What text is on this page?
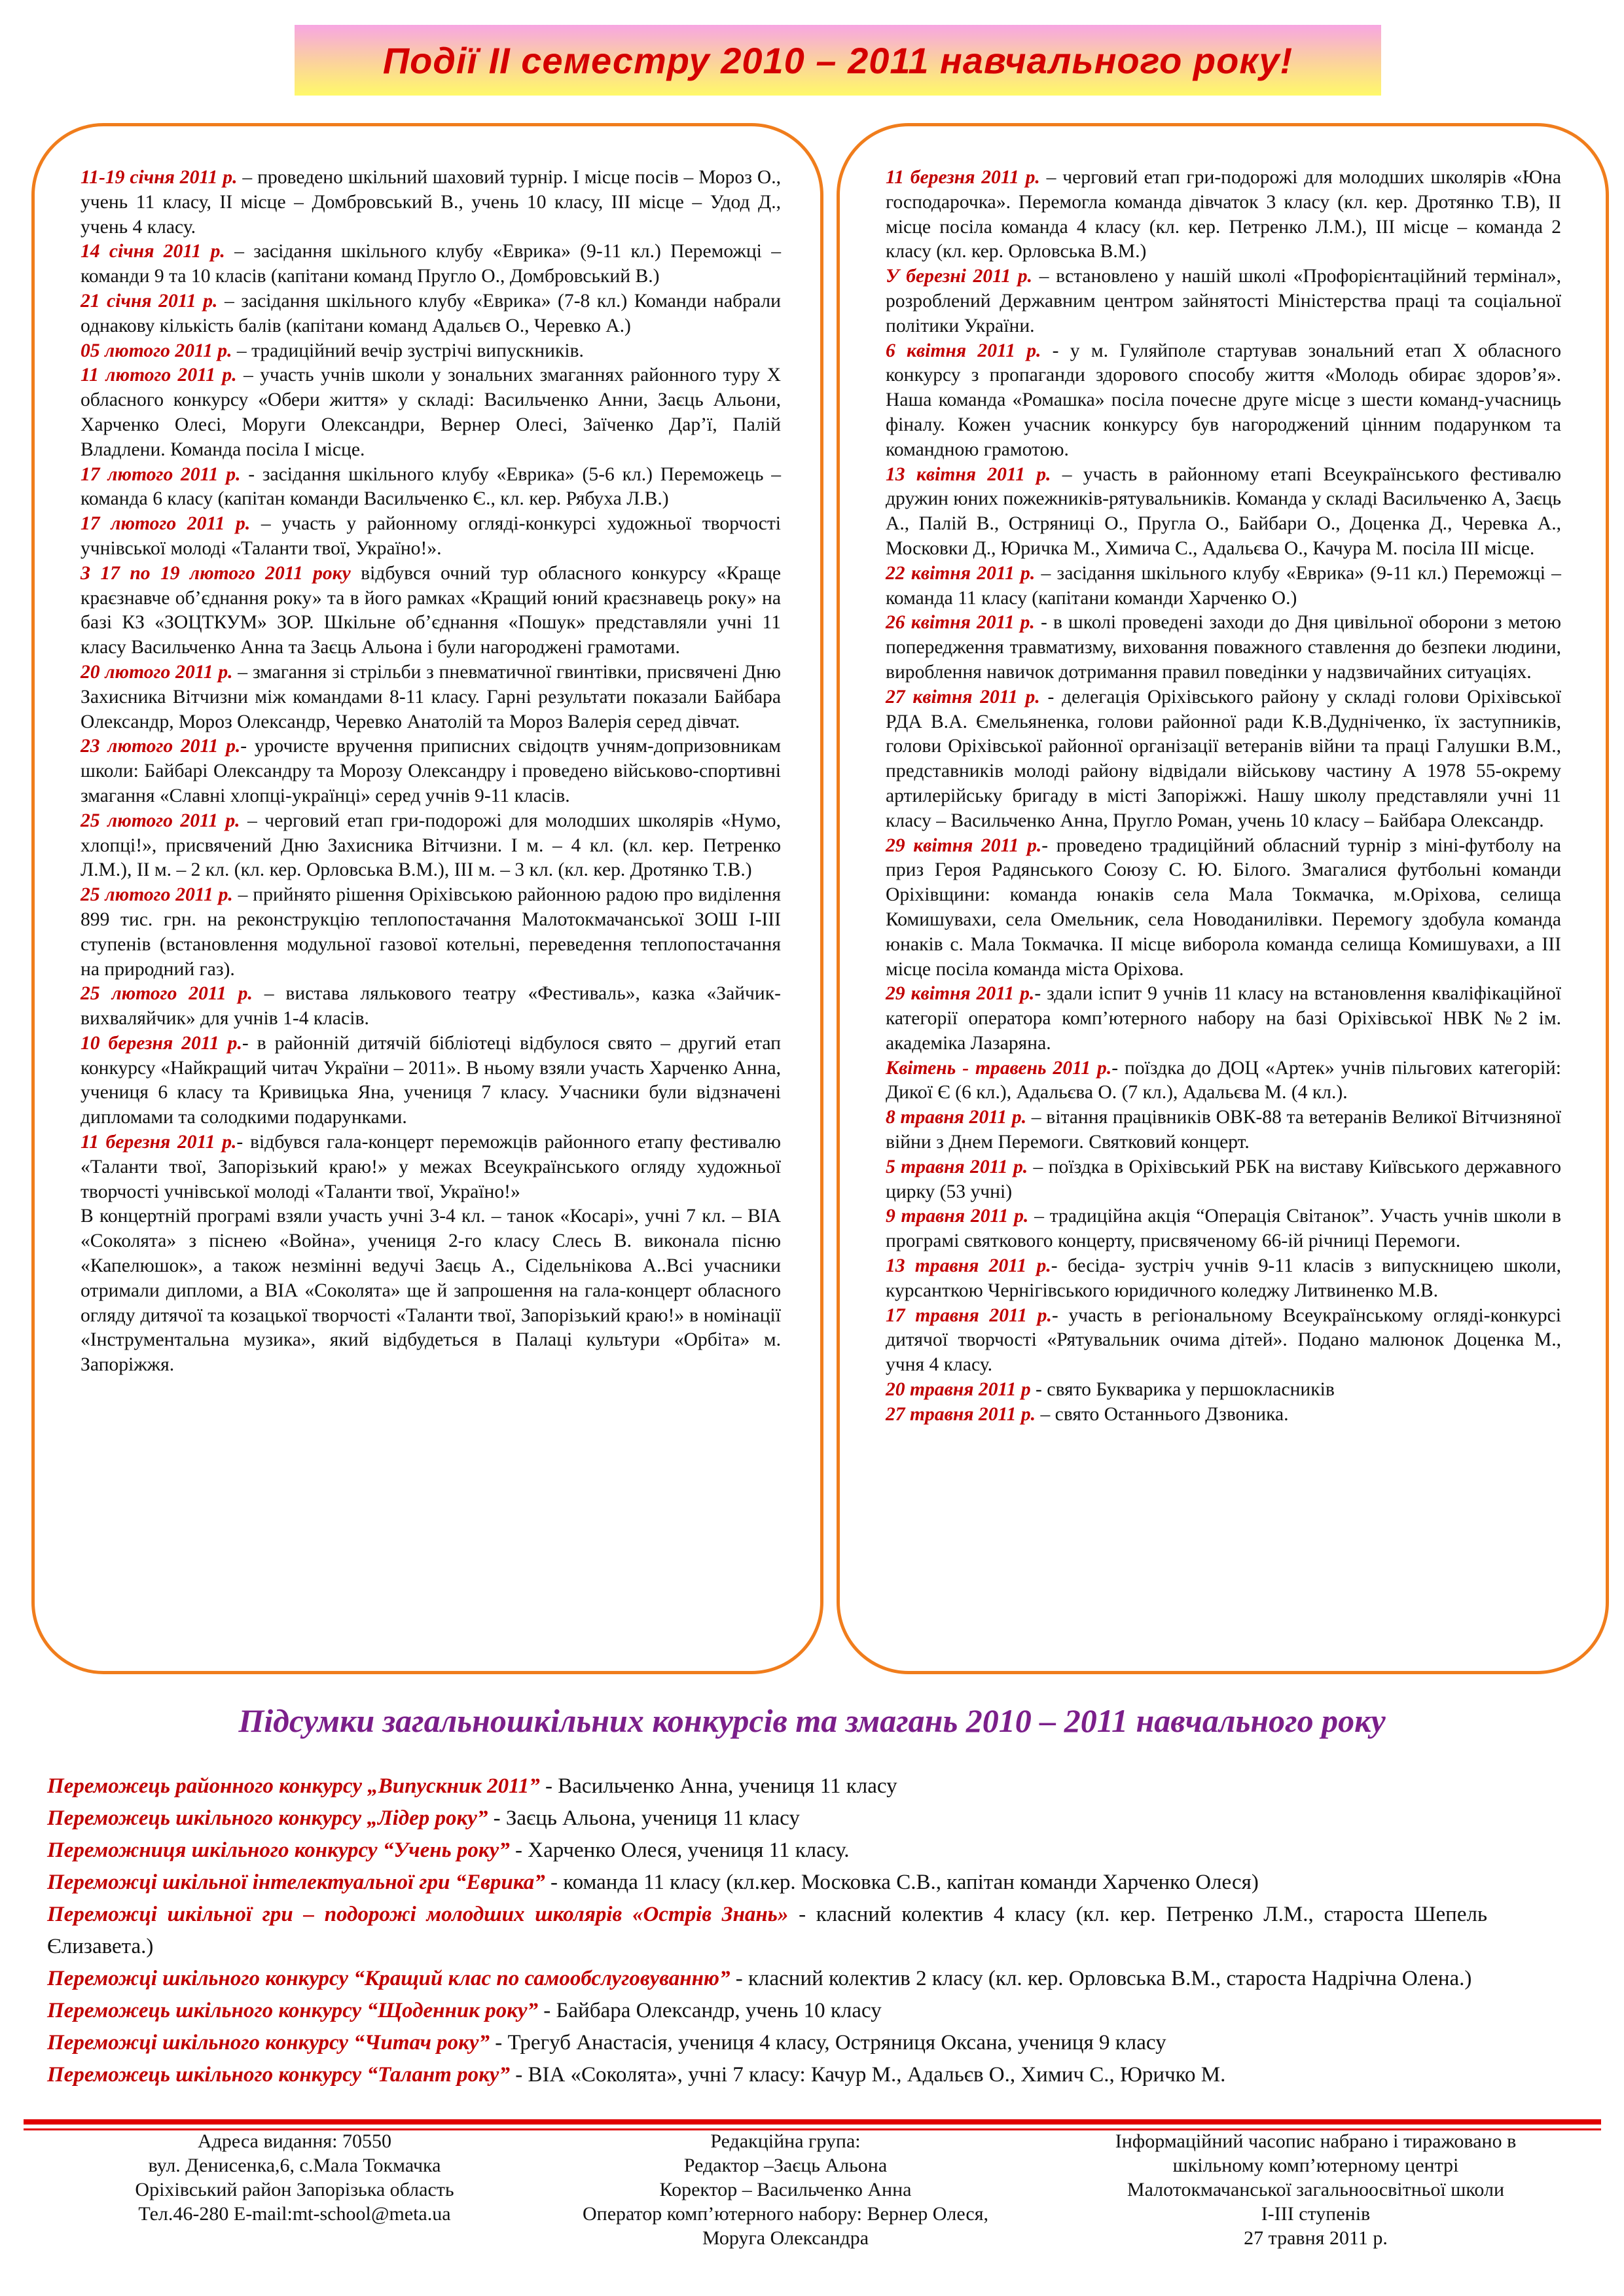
Події ІІ семестру 2010 – 2011 навчального року!

11-19 січня 2011 р. – проведено шкільний шаховий турнір. І місце посів – Мороз О., учень 11 класу, ІІ місце – Домбровський В., учень 10 класу, ІІІ місце – Удод Д., учень 4 класу.

14 січня 2011 р. – засідання шкільного клубу «Еврика» (9-11 кл.) Переможці – команди 9 та 10 класів (капітани команд Пругло О., Домбровський В.)

21 січня 2011 р. – засідання шкільного клубу «Еврика» (7-8 кл.) Команди набрали однакову кількість балів (капітани команд Адальєв О., Черевко А.)

05 лютого 2011 р. – традиційний вечір зустрічі випускників.

11 лютого 2011 р. – участь учнів школи у зональних змаганнях районного туру Х обласного конкурсу «Обери життя» у складі: Васильченко Анни, Заєць Альони, Харченко Олесі, Моруги Олександри, Вернер Олесі, Заїченко Дар’ї, Палій Владлени. Команда посіла І місце.

17 лютого 2011 р. - засідання шкільного клубу «Еврика» (5-6 кл.) Переможець – команда 6 класу (капітан команди Васильченко Є., кл. кер. Рябуха Л.В.)

17 лютого 2011 р. – участь у районному огляді-конкурсі художньої творчості учнівської молоді «Таланти твої, Україно!».

З 17 по 19 лютого 2011 року відбувся очний тур обласного конкурсу «Краще краєзнавче об’єднання року» та в його рамках «Кращий юний краєзнавець року» на базі КЗ «ЗОЦТКУМ» ЗОР. Шкільне об’єднання «Пошук» представляли учні 11 класу Васильченко Анна та Заєць Альона і були нагороджені грамотами.

20 лютого 2011 р. – змагання зі стрільби з пневматичної гвинтівки, присвячені Дню Захисника Вітчизни між командами 8-11 класу. Гарні результати показали Байбара Олександр, Мороз Олександр, Черевко Анатолій та Мороз Валерія серед дівчат.

23 лютого 2011 р.- урочисте вручення приписних свідоцтв учням-допризовникам школи: Байбарі Олександру та Морозу Олександру і проведено військово-спортивні змагання «Славні хлопці-українці» серед учнів 9-11 класів.

25 лютого 2011 р. – черговий етап гри-подорожі для молодших школярів «Нумо, хлопці!», присвячений Дню Захисника Вітчизни. І м. – 4 кл. (кл. кер. Петренко Л.М.), ІІ м. – 2 кл. (кл. кер. Орловська В.М.), ІІІ м. – 3 кл. (кл. кер. Дротянко Т.В.)

25 лютого 2011 р. – прийнято рішення Оріхівською районною радою про виділення 899 тис. грн. на реконструкцію теплопостачання Малотокмачанської ЗОШ І-ІІІ ступенів (встановлення модульної газової котельні, переведення теплопостачання на природний газ).

25 лютого 2011 р. – вистава лялькового театру «Фестиваль», казка «Зайчик-вихваляйчик» для учнів 1-4 класів.

10 березня 2011 р.- в районній дитячій бібліотеці відбулося свято – другий етап конкурсу «Найкращий читач України – 2011». В ньому взяли участь Харченко Анна, учениця 6 класу та Кривицька Яна, учениця 7 класу. Учасники були відзначені дипломами та солодкими подарунками.

11 березня 2011 р.- відбувся гала-концерт переможців районного етапу фестивалю «Таланти твої, Запорізький краю!» у межах Всеукраїнського огляду художньої творчості учнівської молоді «Таланти твої, Україно!»

В концертній програмі взяли участь учні 3-4 кл. – танок «Косарі», учні 7 кл. – ВІА «Соколята» з піснею «Война», учениця 2-го класу Слесь В. виконала пісню «Капелюшок», а також незмінні ведучі Заєць А., Сідельнікова А..Всі учасники отримали дипломи, а ВІА «Соколята» ще й запрошення на гала-концерт обласного огляду дитячої та козацької творчості «Таланти твої, Запорізький краю!» в номінації «Інструментальна музика», який відбудеться в Палаці культури «Орбіта» м. Запоріжжя.

11 березня 2011 р. – черговий етап гри-подорожі для молодших школярів «Юна господарочка». Перемогла команда дівчаток 3 класу (кл. кер. Дротянко Т.В), ІІ місце посіла команда 4 класу (кл. кер. Петренко Л.М.), ІІІ місце – команда 2 класу (кл. кер. Орловська В.М.)

У березні 2011 р. – встановлено у нашій школі «Профорієнтаційний термінал», розроблений Державним центром зайнятості Міністерства праці та соціальної політики України.

6 квітня 2011 р. - у м. Гуляйполе стартував зональний етап Х обласного конкурсу з пропаганди здорового способу життя «Молодь обирає здоров’я». Наша команда «Ромашка» посіла почесне друге місце з шести команд-учасниць фіналу. Кожен учасник конкурсу був нагороджений цінним подарунком та командною грамотою.

13 квітня 2011 р. – участь в районному етапі Всеукраїнського фестивалю дружин юних пожежників-рятувальників. Команда у складі Васильченко А, Заєць А., Палій В., Остряниці О., Пругла О., Байбари О., Доценка Д., Черевка А., Московки Д., Юричка М., Химича С., Адальєва О., Качура М. посіла ІІІ місце.

22 квітня 2011 р. – засідання шкільного клубу «Еврика» (9-11 кл.) Переможці – команда 11 класу (капітани команди Харченко О.)

26 квітня 2011 р. - в школі проведені заходи до Дня цивільної оборони з метою попередження травматизму, виховання поважного ставлення до безпеки людини, вироблення навичок дотримання правил поведінки у надзвичайних ситуаціях.

27 квітня 2011 р. - делегація Оріхівського району у складі голови Оріхівської РДА В.А. Ємельяненка, голови районної ради К.В.Дудніченко, їх заступників, голови Оріхівської районної організації ветеранів війни та праці Галушки В.М., представників молоді району відвідали військову частину А 1978 55-окрему артилерійську бригаду в місті Запоріжжі. Нашу школу представляли учні 11 класу – Васильченко Анна, Пругло Роман, учень 10 класу – Байбара Олександр.

29 квітня 2011 р.- проведено традиційний обласний турнір з міні-футболу на приз Героя Радянського Союзу С. Ю. Білого. Змагалися футбольні команди Оріхівщини: команда юнаків села Мала Токмачка, м.Оріхова, селища Комишувахи, села Омельник, села Новоданилівки. Перемогу здобула команда юнаків с. Мала Токмачка. ІІ місце виборола команда селища Комишувахи, а ІІІ місце посіла команда міста Оріхова.

29 квітня 2011 р.- здали іспит 9 учнів 11 класу на встановлення кваліфікаційної категорії оператора комп’ютерного набору на базі Оріхівської НВК №2 ім. академіка Лазаряна.

Квітень - травень 2011 р.- поїздка до ДОЦ «Артек» учнів пільгових категорій: Дикої Є (6 кл.), Адальєва О. (7 кл.), Адальєва М. (4 кл.).

8 травня 2011 р. – вітання працівників ОВК-88 та ветеранів Великої Вітчизняної війни з Днем Перемоги. Святковий концерт.

5 травня 2011 р. – поїздка в Оріхівський РБК на виставу Київського державного цирку (53 учні)

9 травня 2011 р. – традиційна акція “Операція Світанок”. Участь учнів школи в програмі святкового концерту, присвяченому 66-ій річниці Перемоги.

13 травня 2011 р.- бесіда- зустріч учнів 9-11 класів з випускницею школи, курсанткою Чернігівського юридичного коледжу Литвиненко М.В.

17 травня 2011 р.- участь в регіональному Всеукраїнському огляді-конкурсі дитячої творчості «Рятувальник очима дітей». Подано малюнок Доценка М., учня 4 класу.

20 травня 2011 р - свято Букварика у першокласників

27 травня 2011 р. – свято Останнього Дзвоника.

Підсумки загальношкільних конкурсів та змагань 2010 – 2011 навчального року

Переможець районного конкурсу „Випускник 2011” - Васильченко Анна, учениця 11 класу

Переможець шкільного конкурсу „Лідер року” - Заєць Альона, учениця 11 класу

Переможниця шкільного конкурсу “Учень року” - Харченко Олеся, учениця 11 класу.

Переможці шкільної інтелектуальної гри “Еврика” - команда 11 класу (кл.кер. Московка С.В., капітан команди Харченко Олеся)

Переможці шкільної гри – подорожі молодших школярів «Острів Знань» - класний колектив 4 класу (кл. кер. Петренко Л.М., староста Шепель Єлизавета.)

Переможці шкільного конкурсу “Кращий клас по самообслуговуванню” - класний колектив 2 класу (кл. кер. Орловська В.М., староста Надрічна Олена.)

Переможець шкільного конкурсу “Щоденник року” - Байбара Олександр, учень 10 класу

Переможці шкільного конкурсу “Читач року” - Трегуб Анастасія, учениця 4 класу, Остряниця Оксана, учениця 9 класу

Переможець шкільного конкурсу “Талант року” - ВІА «Соколята», учні 7 класу: Качур М., Адальєв О., Химич С., Юричко М.

Адреса видання: 70550
вул. Денисенка,6, с.Мала Токмачка
Оріхівський район Запорізька область
Тел.46-280 E-mail:mt-school@meta.ua
Редакційна група:
Редактор –Заєць Альона
Коректор – Васильченко Анна
Оператор комп’ютерного набору: Вернер Олеся,
Моруга Олександра
Інформаційний часопис набрано і тиражовано в
шкільному комп’ютерному центрі
Малотокмачанської загальноосвітньої школи
І-ІІІ ступенів
27 травня 2011 р.
